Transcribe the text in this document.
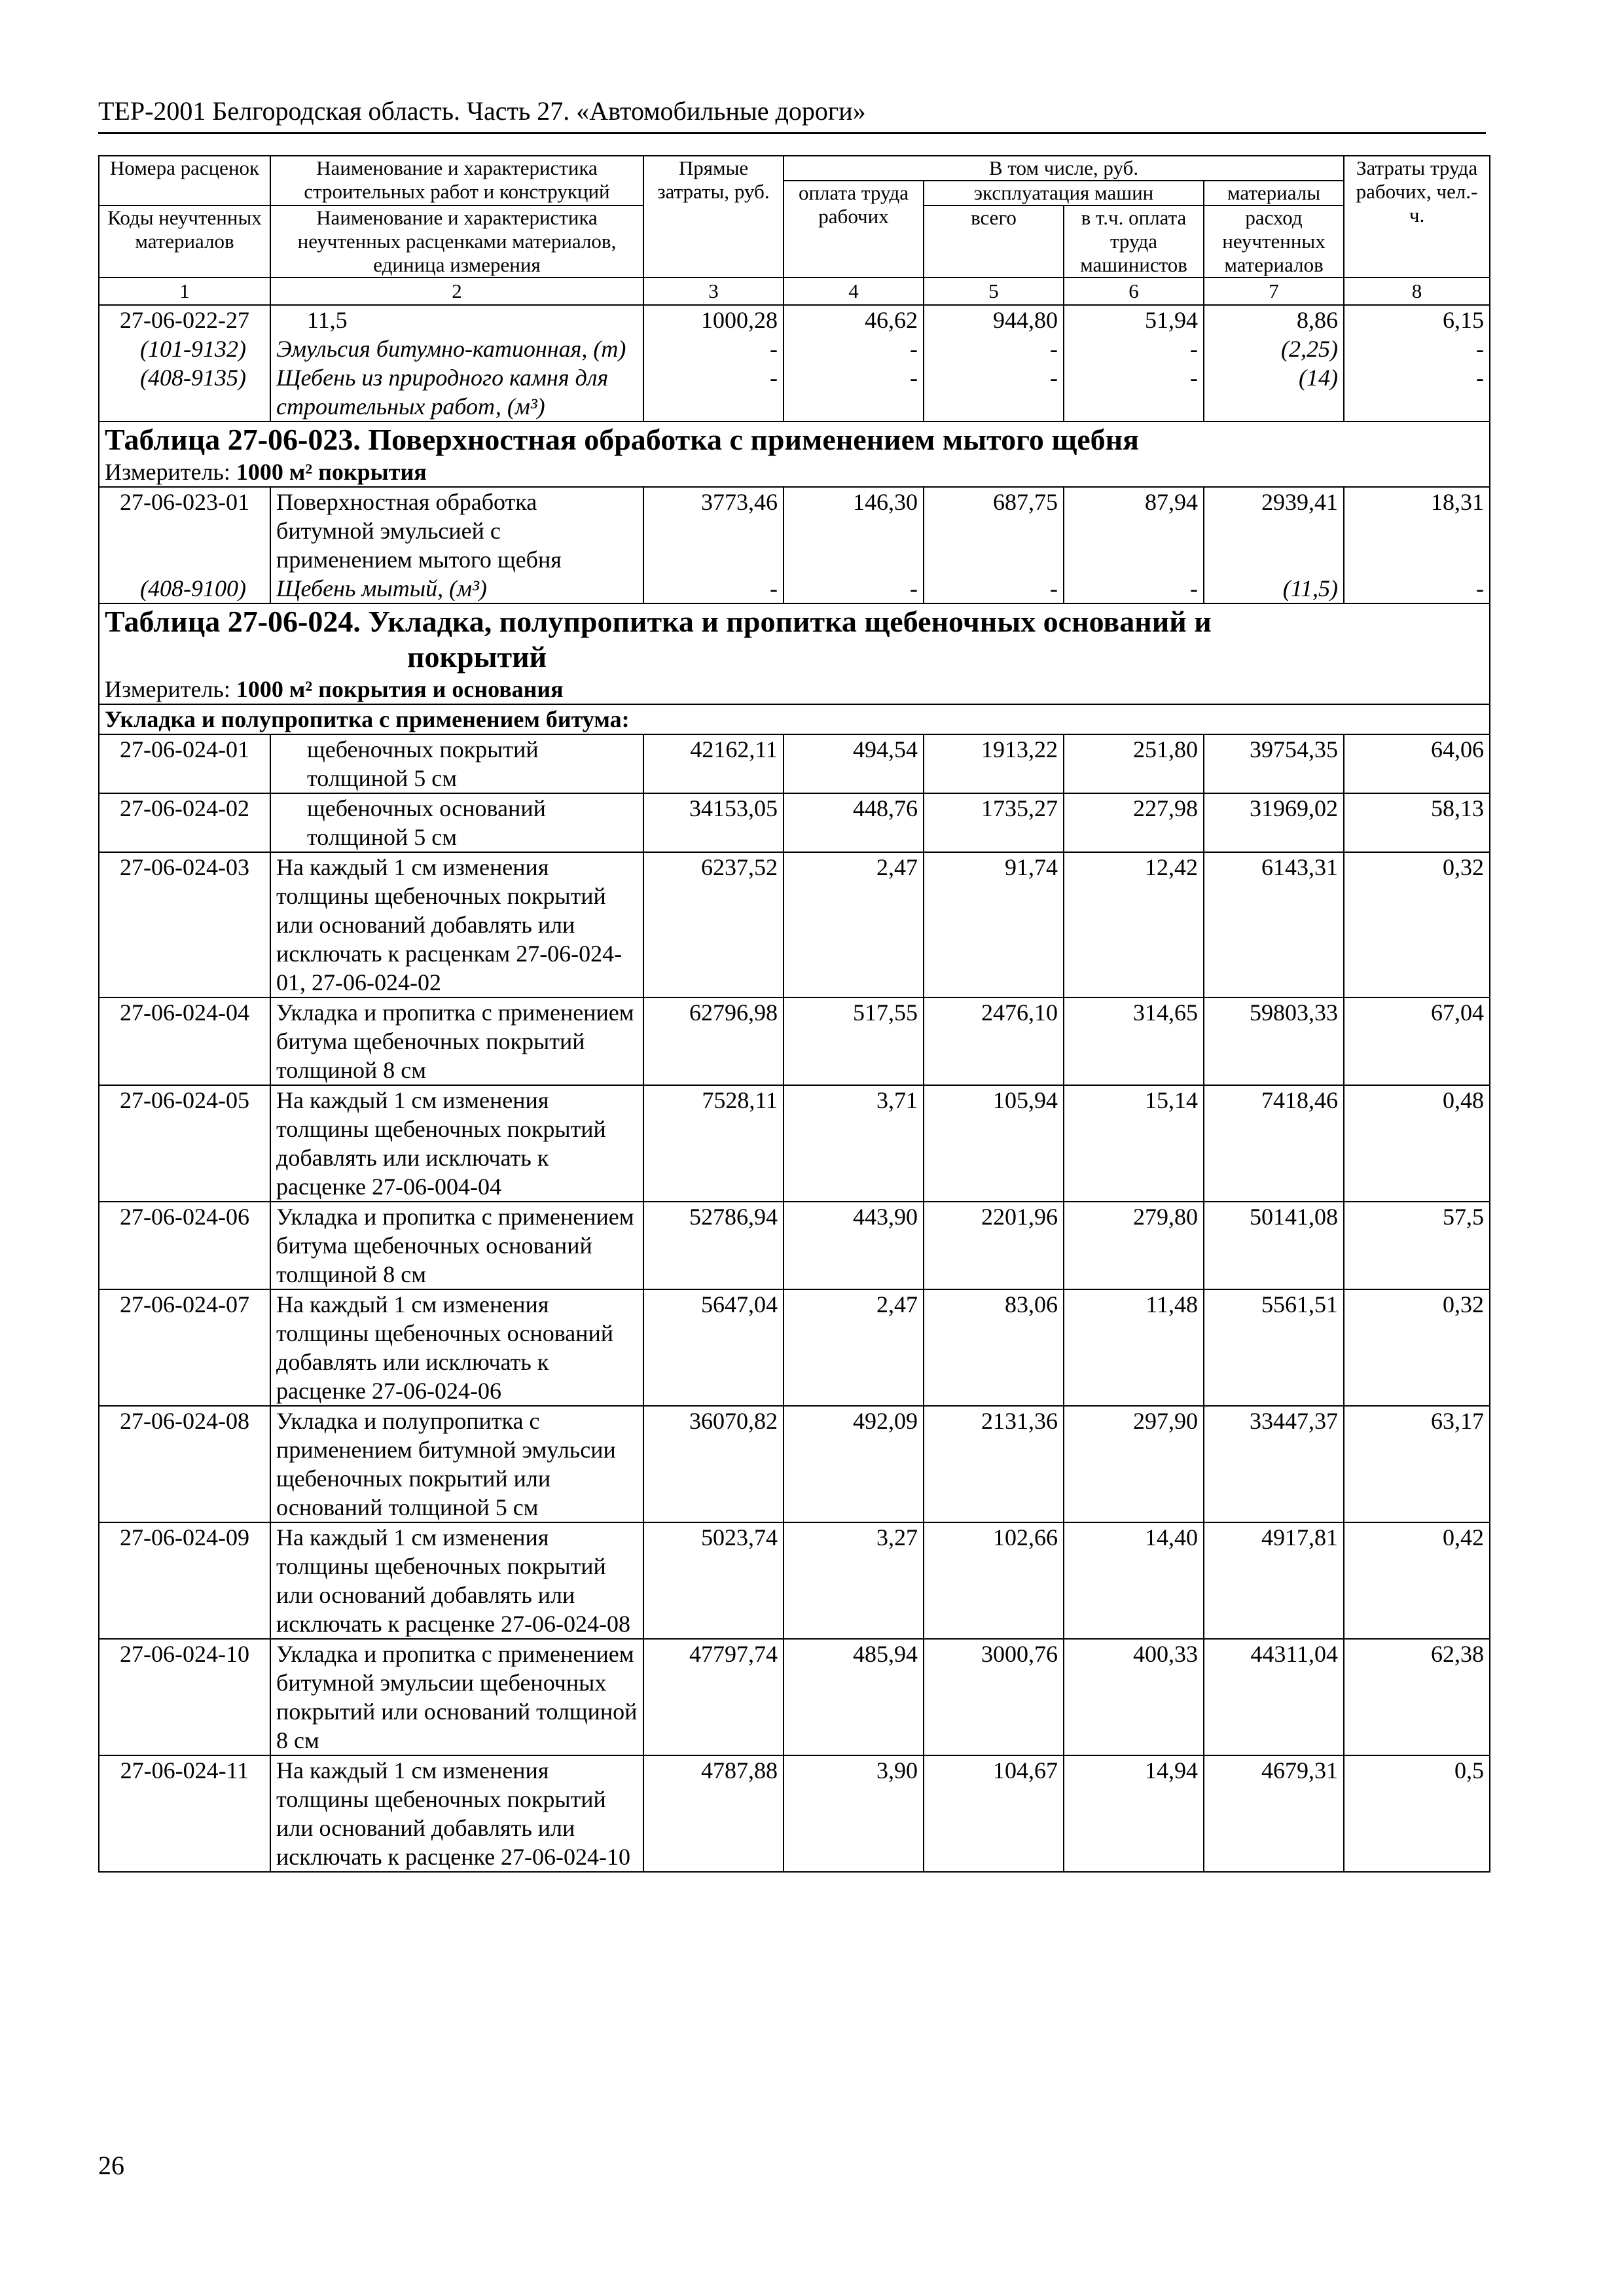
ТЕР-2001 Белгородская область. Часть 27. «Автомобильные дороги»
Номера расценок	Наименование и характеристика строительных работ и конструкций	Прямые затраты, руб.	В том числе, руб.				Затраты труда рабочих, чел.-ч.
			оплата труда рабочих	эксплуатация машин		материалы	
Коды неучтенных материалов	Наименование и характеристика неучтенных расценками материалов, единица измерения			всего	в т.ч. оплата труда машинистов	расход неучтенных материалов	

1	2	3	4	5	6	7	8
27-06-022-27	11,5	1000,28	46,62	944,80	51,94	8,86	6,15
(101-9132)	Эмульсия битумно-катионная, (т)	-	-	-	-	(2,25)	-
(408-9135)	Щебень из природного камня для строительных работ, (м³)	-	-	-	-	(14)	-
Таблица 27-06-023. Поверхностная обработка с применением мытого щебня							
Измеритель: 1000 м² покрытия							
27-06-023-01	Поверхностная обработка битумной эмульсией с применением мытого щебня	3773,46	146,30	687,75	87,94	2939,41	18,31
(408-9100)	Щебень мытый, (м³)	-	-	-	-	(11,5)	-
Таблица 27-06-024. Укладка, полупропитка и пропитка щебеночных оснований и
покрытий							

Измеритель: 1000 м² покрытия и основания							
Укладка и полупропитка с применением битума:							
27-06-024-01	щебеночных покрытий толщиной 5 см	42162,11	494,54	1913,22	251,80	39754,35	64,06
27-06-024-02	щебеночных оснований толщиной 5 см	34153,05	448,76	1735,27	227,98	31969,02	58,13
27-06-024-03	На каждый 1 см изменения толщины щебеночных покрытий или оснований добавлять или исключать к расценкам 27-06-024-01, 27-06-024-02	6237,52	2,47	91,74	12,42	6143,31	0,32
27-06-024-04	Укладка и пропитка с применением битума щебеночных покрытий толщиной 8 см	62796,98	517,55	2476,10	314,65	59803,33	67,04
27-06-024-05	На каждый 1 см изменения толщины щебеночных покрытий добавлять или исключать к расценке 27-06-004-04	7528,11	3,71	105,94	15,14	7418,46	0,48
27-06-024-06	Укладка и пропитка с применением битума щебеночных оснований толщиной 8 см	52786,94	443,90	2201,96	279,80	50141,08	57,5
27-06-024-07	На каждый 1 см изменения толщины щебеночных оснований добавлять или исключать к расценке 27-06-024-06	5647,04	2,47	83,06	11,48	5561,51	0,32
27-06-024-08	Укладка и полупропитка с применением битумной эмульсии щебеночных покрытий или оснований толщиной 5 см	36070,82	492,09	2131,36	297,90	33447,37	63,17
27-06-024-09	На каждый 1 см изменения толщины щебеночных покрытий или оснований добавлять или исключать к расценке 27-06-024-08	5023,74	3,27	102,66	14,40	4917,81	0,42
27-06-024-10	Укладка и пропитка с применением битумной эмульсии щебеночных покрытий или оснований толщиной 8 см	47797,74	485,94	3000,76	400,33	44311,04	62,38
27-06-024-11	На каждый 1 см изменения толщины щебеночных покрытий или оснований добавлять или исключать к расценке 27-06-024-10	4787,88	3,90	104,67	14,94	4679,31	0,5
26
